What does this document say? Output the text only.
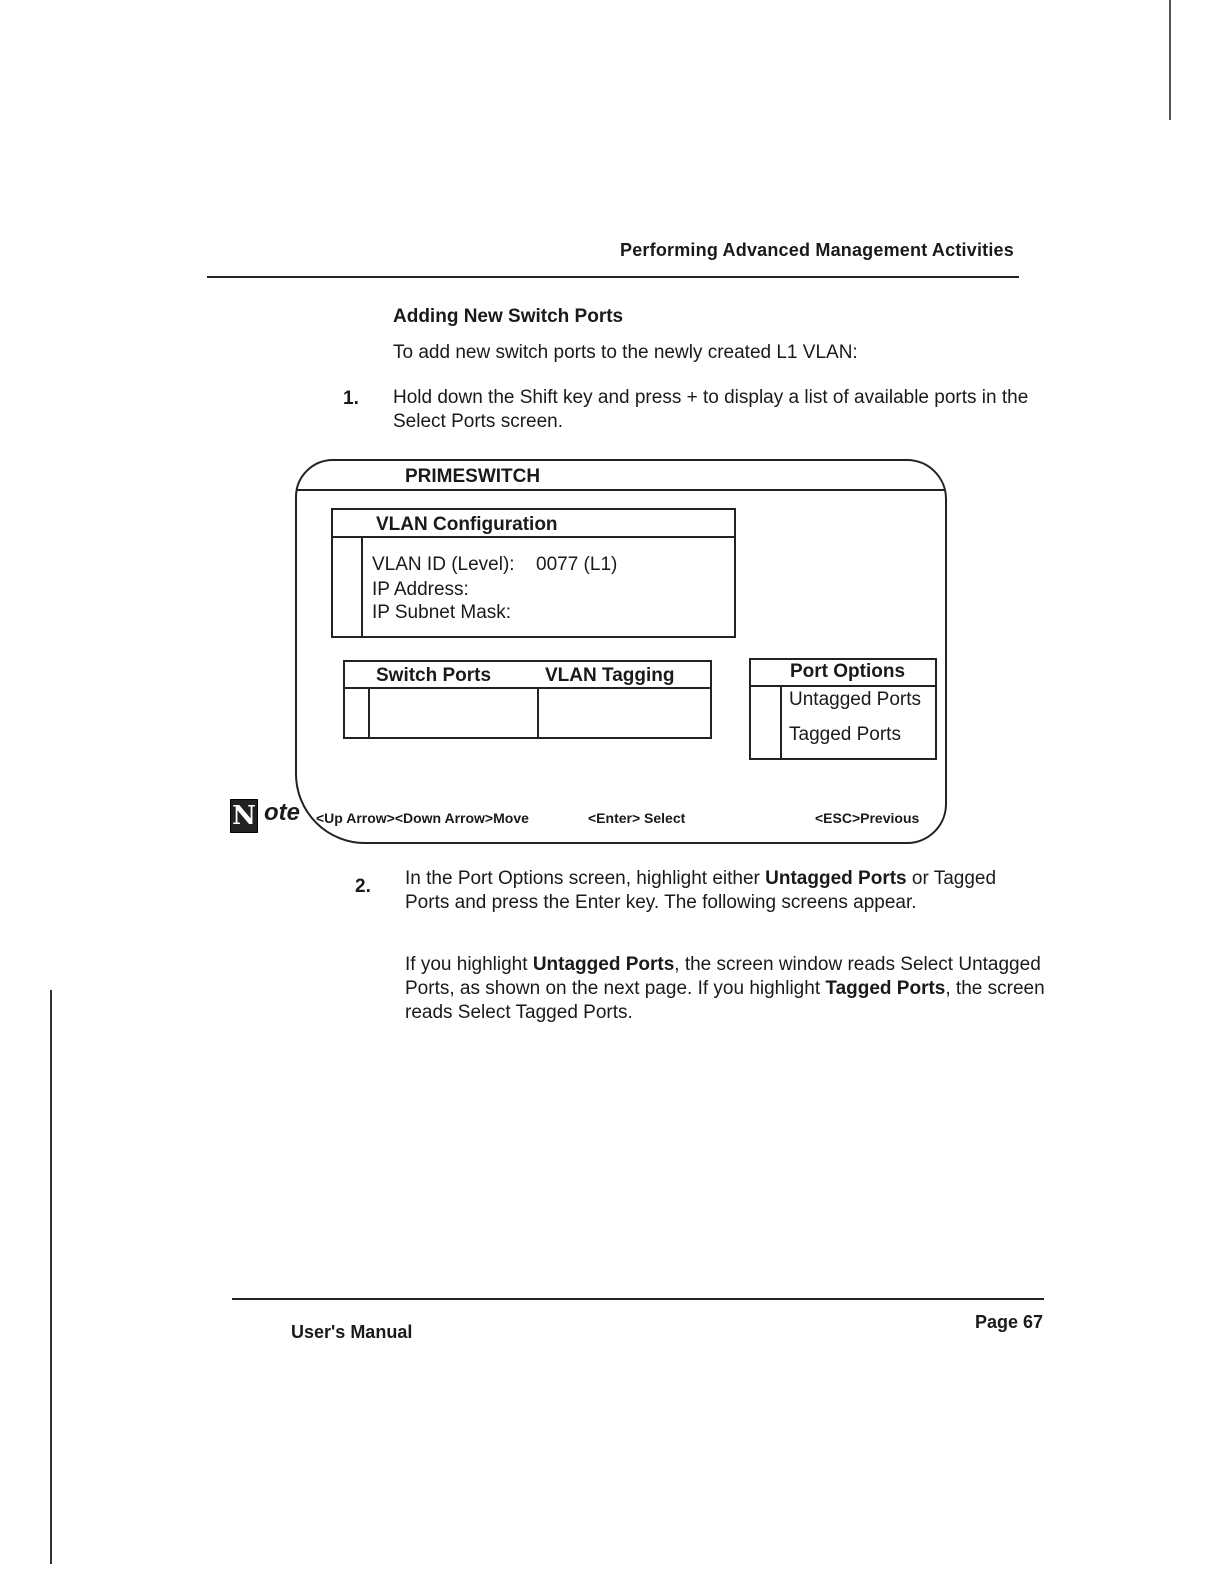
Performing Advanced Management Activities
Adding New Switch Ports
To add new switch ports to the newly created L1 VLAN:
1. Hold down the Shift key and press + to display a list of available ports in the Select Ports screen.
PRIMESWITCH
VLAN Configuration
VLAN ID (Level): 0077 (L1)
IP Address:
IP Subnet Mask:
Switch Ports	VLAN Tagging	Port Options
Untagged Ports
Tagged Ports
N ote <Up Arrow><Down Arrow>Move	<Enter> Select	<ESC>Previous
2. In the Port Options screen, highlight either Untagged Ports or Tagged Ports and press the Enter key. The following screens appear.
If you highlight Untagged Ports, the screen window reads Select Untagged Ports, as shown on the next page. If you highlight Tagged Ports, the screen reads Select Tagged Ports.
User's Manual	Page 67
